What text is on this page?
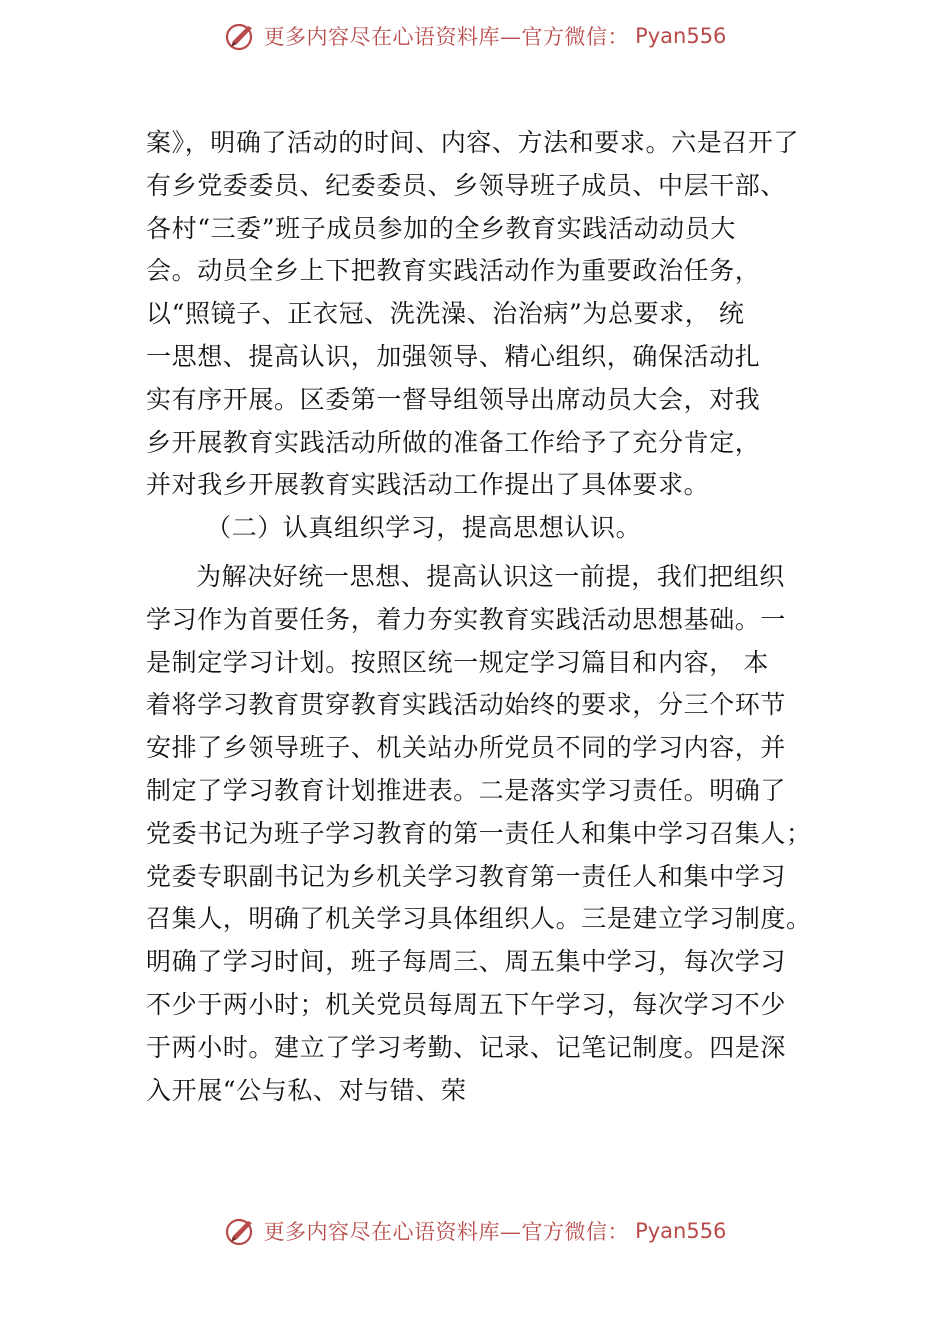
更多内容尽在心语资料库—官方微信： Pyan556
案》，明确了活动的时间、内容、方法和要求。六是召开了
有乡党委委员、纪委委员、乡领导班子成员、中层干部、
各村“三委”班子成员参加的全乡教育实践活动动员大
会。动员全乡上下把教育实践活动作为重要政治任务，
以“照镜子、正衣冠、洗洗澡、治治病”为总要求， 统
一思想、提高认识，加强领导、精心组织，确保活动扎
实有序开展。区委第一督导组领导出席动员大会，对我
乡开展教育实践活动所做的准备工作给予了充分肯定，
并对我乡开展教育实践活动工作提出了具体要求。
（二）认真组织学习，提高思想认识。
为解决好统一思想、提高认识这一前提，我们把组织
学习作为首要任务，着力夯实教育实践活动思想基础。一
是制定学习计划。按照区统一规定学习篇目和内容， 本
着将学习教育贯穿教育实践活动始终的要求，分三个环节
安排了乡领导班子、机关站办所党员不同的学习内容，并
制定了学习教育计划推进表。二是落实学习责任。明确了
党委书记为班子学习教育的第一责任人和集中学习召集人；
党委专职副书记为乡机关学习教育第一责任人和集中学习
召集人，明确了机关学习具体组织人。三是建立学习制度。
明确了学习时间，班子每周三、周五集中学习，每次学习
不少于两小时；机关党员每周五下午学习，每次学习不少
于两小时。建立了学习考勤、记录、记笔记制度。四是深
入开展“公与私、对与错、荣
更多内容尽在心语资料库—官方微信： Pyan556
